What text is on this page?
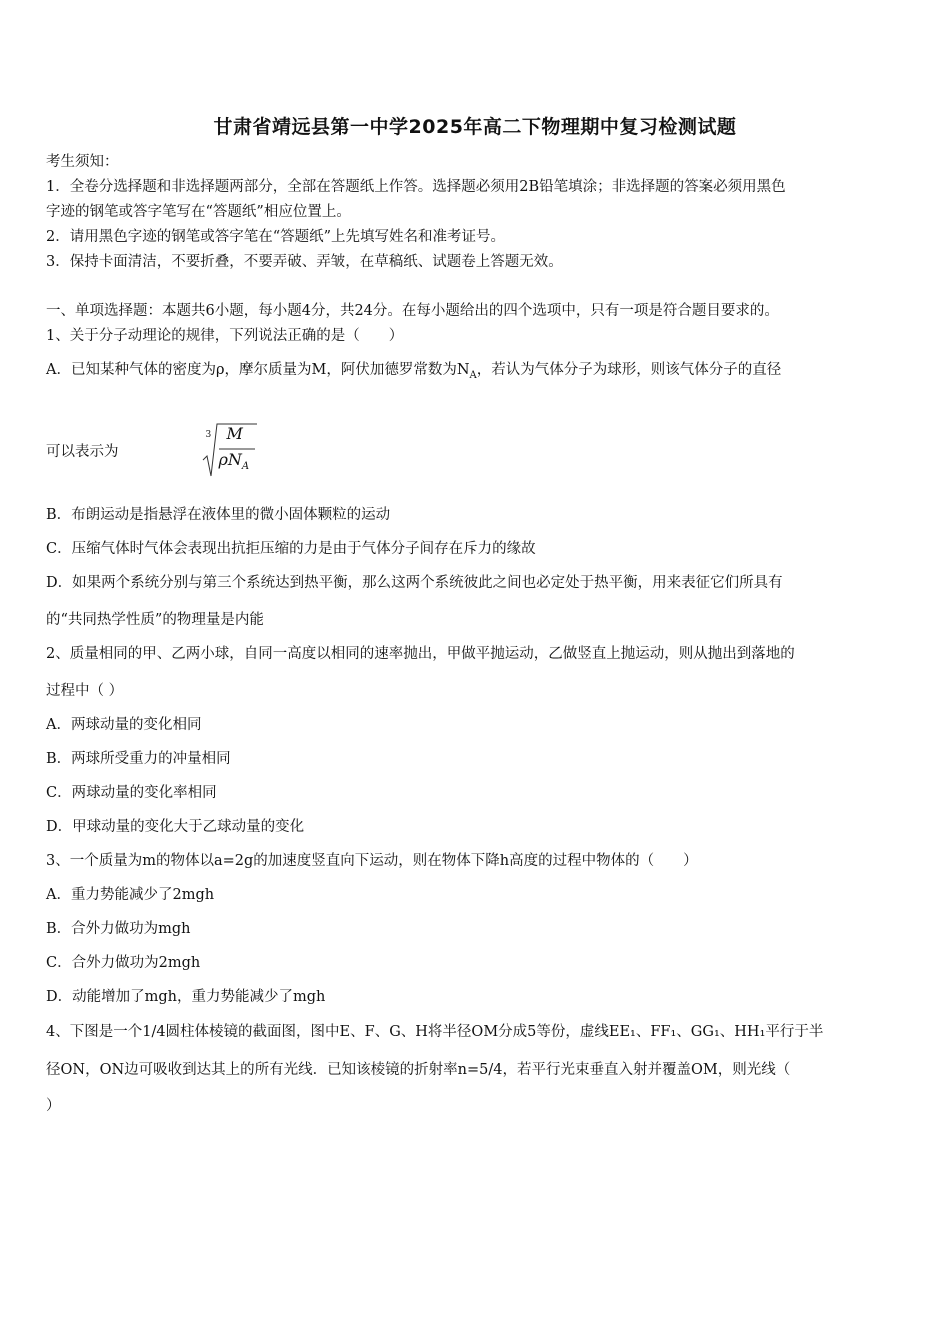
甘肃省靖远县第一中学2025年高二下物理期中复习检测试题
考生须知：
1．全卷分选择题和非选择题两部分，全部在答题纸上作答。选择题必须用2B铅笔填涂；非选择题的答案必须用黑色
字迹的钢笔或答字笔写在“答题纸”相应位置上。
2．请用黑色字迹的钢笔或答字笔在“答题纸”上先填写姓名和准考证号。
3．保持卡面清洁，不要折叠，不要弄破、弄皱，在草稿纸、试题卷上答题无效。
一、单项选择题：本题共6小题，每小题4分，共24分。在每小题给出的四个选项中，只有一项是符合题目要求的。
1、关于分子动理论的规律，下列说法正确的是（　　）
A．已知某种气体的密度为ρ，摩尔质量为M，阿伏加德罗常数为$N_A$，若认为气体分子为球形，则该气体分子的直径
可以表示为
3 M
$\rho N_A$
B．布朗运动是指悬浮在液体里的微小固体颗粒的运动
C．压缩气体时气体会表现出抗拒压缩的力是由于气体分子间存在斥力的缘故
D．如果两个系统分别与第三个系统达到热平衡，那么这两个系统彼此之间也必定处于热平衡，用来表征它们所具有
的“共同热学性质”的物理量是内能
2、质量相同的甲、乙两小球，自同一高度以相同的速率抛出，甲做平抛运动，乙做竖直上抛运动，则从抛出到落地的
过程中（ ）
A．两球动量的变化相同
B．两球所受重力的冲量相同
C．两球动量的变化率相同
D．甲球动量的变化大于乙球动量的变化
3、一个质量为m的物体以a=2g的加速度竖直向下运动，则在物体下降h高度的过程中物体的（　　）
A．重力势能减少了2mgh
B．合外力做功为mgh
C．合外力做功为2mgh
D．动能增加了mgh，重力势能减少了mgh
4、下图是一个1/4圆柱体棱镜的截面图，图中E、F、G、H将半径OM分成5等份，虚线EE₁、FF₁、GG₁、HH₁平行于半
径ON，ON边可吸收到达其上的所有光线．已知该棱镜的折射率n=5/4，若平行光束垂直入射并覆盖OM，则光线（
）
